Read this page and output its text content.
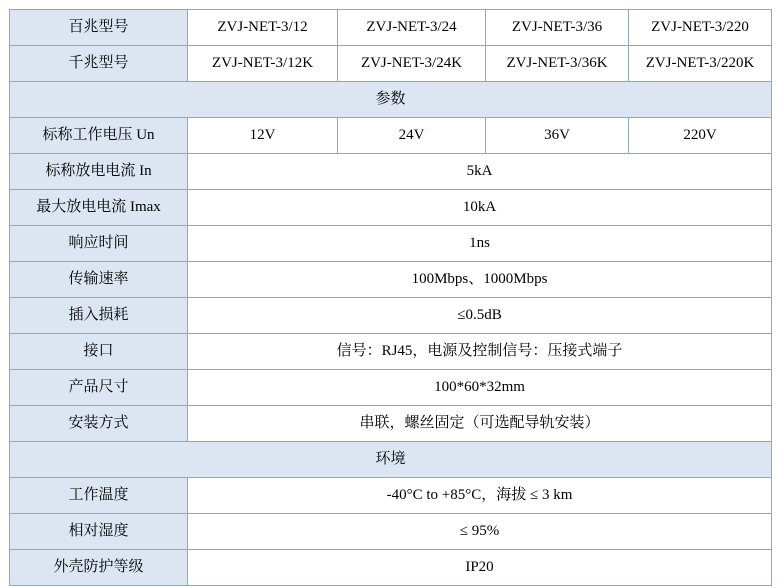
百兆型号	ZVJ-NET-3/12	ZVJ-NET-3/24	ZVJ-NET-3/36	ZVJ-NET-3/220
千兆型号	ZVJ-NET-3/12K	ZVJ-NET-3/24K	ZVJ-NET-3/36K	ZVJ-NET-3/220K
参数				
标称工作电压 Un	12V	24V	36V	220V
标称放电电流 In	5kA			
最大放电电流 Imax	10kA			
响应时间	1ns			
传输速率	100Mbps、1000Mbps			
插入损耗	≤0.5dB			
接口	信号：RJ45，电源及控制信号：压接式端子			
产品尺寸	100*60*32mm			
安装方式	串联，螺丝固定（可选配导轨安装）			
环境				
工作温度	-40°C to +85°C，海拔 ≤ 3 km			
相对湿度	≤ 95%			
外壳防护等级	IP20			
